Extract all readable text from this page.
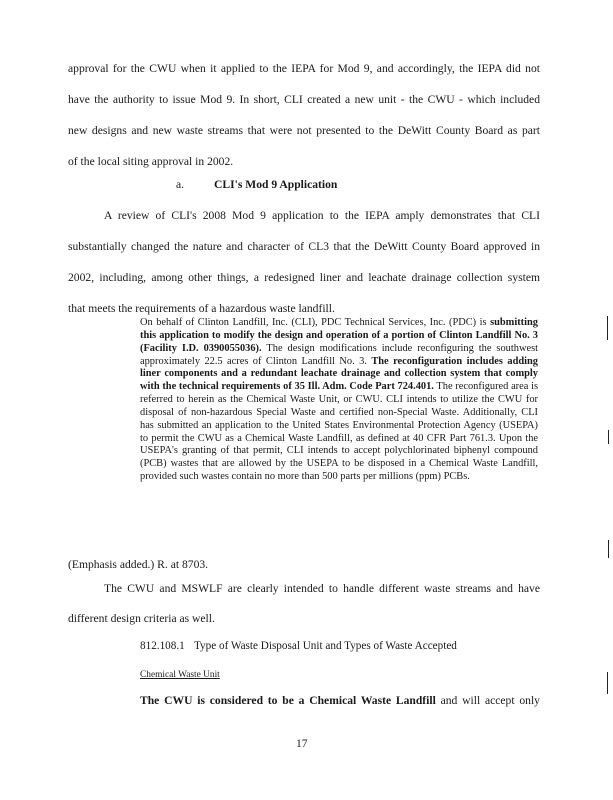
approval for the CWU when it applied to the IEPA for Mod 9, and accordingly, the IEPA did not
have the authority to issue Mod 9. In short, CLI created a new unit - the CWU - which included
new designs and new waste streams that were not presented to the DeWitt County Board as part
of the local siting approval in 2002.
a.	CLI's Mod 9 Application
A review of CLI's 2008 Mod 9 application to the IEPA amply demonstrates that CLI
substantially changed the nature and character of CL3 that the DeWitt County Board approved in
2002, including, among other things, a redesigned liner and leachate drainage collection system
that meets the requirements of a hazardous waste landfill.
On behalf of Clinton Landfill, Inc. (CLI), PDC Technical Services, Inc. (PDC) is submitting this application to modify the design and operation of a portion of Clinton Landfill No. 3 (Facility I.D. 0390055036). The design modifications include reconfiguring the southwest approximately 22.5 acres of Clinton Landfill No. 3. The reconfiguration includes adding liner components and a redundant leachate drainage and collection system that comply with the technical requirements of 35 Ill. Adm. Code Part 724.401. The reconfigured area is referred to herein as the Chemical Waste Unit, or CWU. CLI intends to utilize the CWU for disposal of non-hazardous Special Waste and certified non-Special Waste. Additionally, CLI has submitted an application to the United States Environmental Protection Agency (USEPA) to permit the CWU as a Chemical Waste Landfill, as defined at 40 CFR Part 761.3. Upon the USEPA's granting of that permit, CLI intends to accept polychlorinated biphenyl compound (PCB) wastes that are allowed by the USEPA to be disposed in a Chemical Waste Landfill, provided such wastes contain no more than 500 parts per millions (ppm) PCBs.
(Emphasis added.) R. at 8703.
The CWU and MSWLF are clearly intended to handle different waste streams and have
different design criteria as well.
812.108.1 Type of Waste Disposal Unit and Types of Waste Accepted
Chemical Waste Unit
The CWU is considered to be a Chemical Waste Landfill and will accept only
17
